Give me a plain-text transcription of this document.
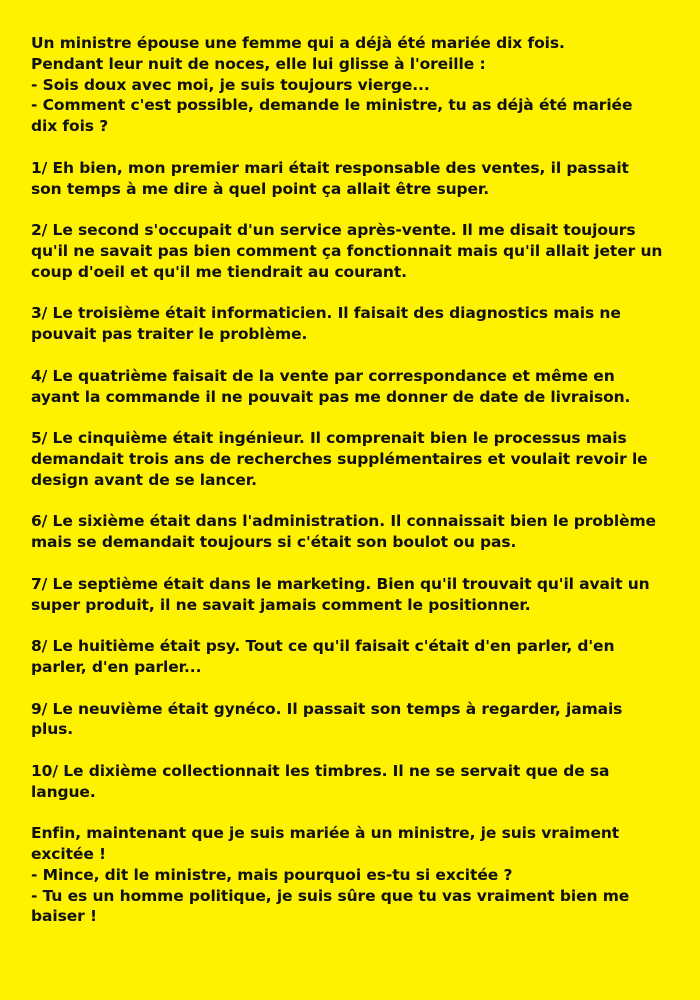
Un ministre épouse une femme qui a déjà été mariée dix fois.
Pendant leur nuit de noces, elle lui glisse à l'oreille :
- Sois doux avec moi, je suis toujours vierge...
- Comment c'est possible, demande le ministre, tu as déjà été mariée
dix fois ?
1/ Eh bien, mon premier mari était responsable des ventes, il passait
son temps à me dire à quel point ça allait être super.
2/ Le second s'occupait d'un service après-vente. Il me disait toujours
qu'il ne savait pas bien comment ça fonctionnait mais qu'il allait jeter un
coup d'oeil et qu'il me tiendrait au courant.
3/ Le troisième était informaticien. Il faisait des diagnostics mais ne
pouvait pas traiter le problème.
4/ Le quatrième faisait de la vente par correspondance et même en
ayant la commande il ne pouvait pas me donner de date de livraison.
5/ Le cinquième était ingénieur. Il comprenait bien le processus mais
demandait trois ans de recherches supplémentaires et voulait revoir le
design avant de se lancer.
6/ Le sixième était dans l'administration. Il connaissait bien le problème
mais se demandait toujours si c'était son boulot ou pas.
7/ Le septième était dans le marketing. Bien qu'il trouvait qu'il avait un
super produit, il ne savait jamais comment le positionner.
8/ Le huitième était psy. Tout ce qu'il faisait c'était d'en parler, d'en
parler, d'en parler...
9/ Le neuvième était gynéco. Il passait son temps à regarder, jamais
plus.
10/ Le dixième collectionnait les timbres. Il ne se servait que de sa
langue.
Enfin, maintenant que je suis mariée à un ministre, je suis vraiment
excitée !
- Mince, dit le ministre, mais pourquoi es-tu si excitée ?
- Tu es un homme politique, je suis sûre que tu vas vraiment bien me
baiser !
